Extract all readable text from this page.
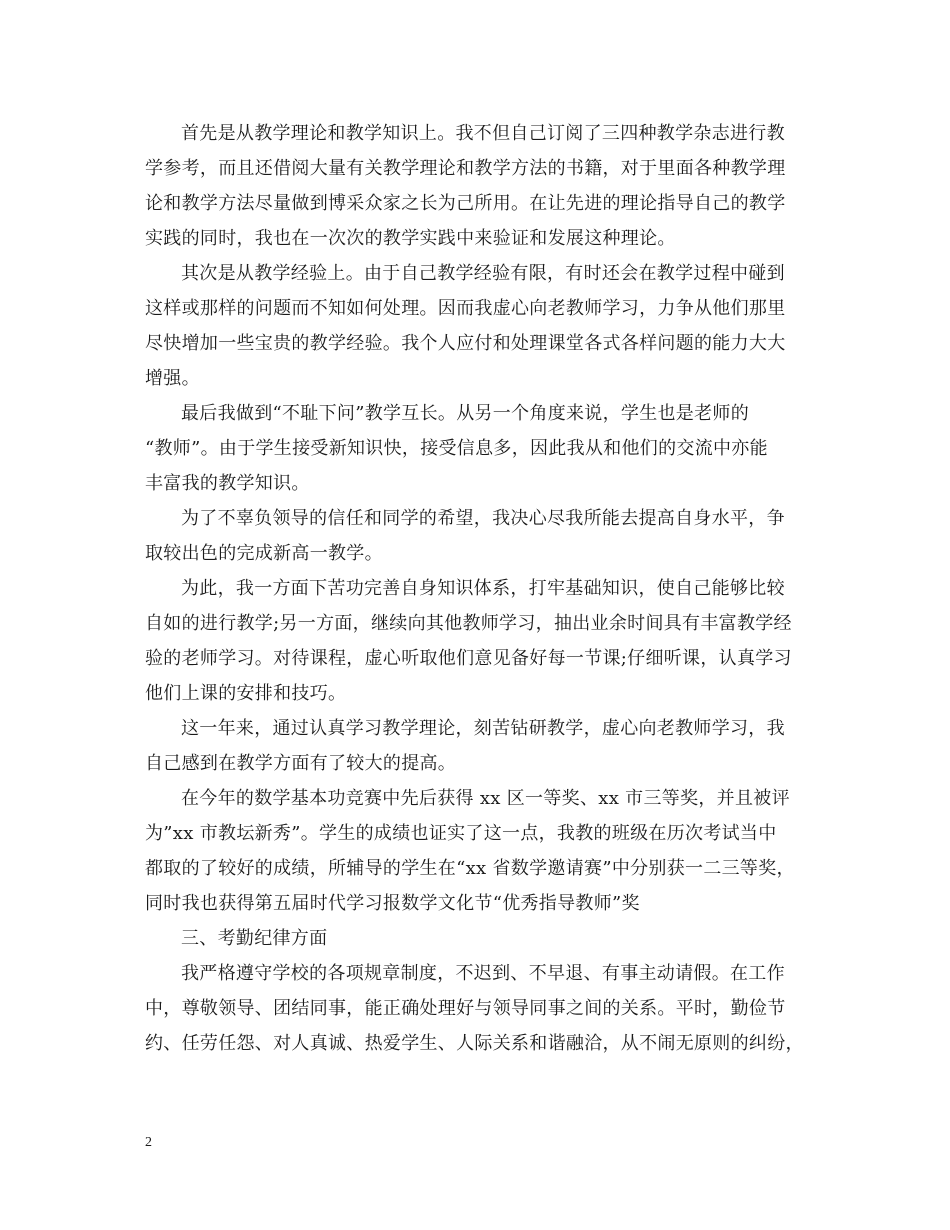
首先是从教学理论和教学知识上。我不但自己订阅了三四种教学杂志进行教
学参考，而且还借阅大量有关教学理论和教学方法的书籍，对于里面各种教学理
论和教学方法尽量做到博采众家之长为己所用。在让先进的理论指导自己的教学
实践的同时，我也在一次次的教学实践中来验证和发展这种理论。

其次是从教学经验上。由于自己教学经验有限，有时还会在教学过程中碰到
这样或那样的问题而不知如何处理。因而我虚心向老教师学习，力争从他们那里
尽快增加一些宝贵的教学经验。我个人应付和处理课堂各式各样问题的能力大大
增强。

最后我做到“不耻下问”教学互长。从另一个角度来说，学生也是老师的
“教师”。由于学生接受新知识快，接受信息多，因此我从和他们的交流中亦能
丰富我的教学知识。

为了不辜负领导的信任和同学的希望，我决心尽我所能去提高自身水平，争
取较出色的完成新高一教学。

为此，我一方面下苦功完善自身知识体系，打牢基础知识，使自己能够比较
自如的进行教学;另一方面，继续向其他教师学习，抽出业余时间具有丰富教学经
验的老师学习。对待课程，虚心听取他们意见备好每一节课;仔细听课，认真学习
他们上课的安排和技巧。

这一年来，通过认真学习教学理论，刻苦钻研教学，虚心向老教师学习，我
自己感到在教学方面有了较大的提高。

在今年的数学基本功竞赛中先后获得 xx 区一等奖、xx 市三等奖，并且被评
为”xx 市教坛新秀”。学生的成绩也证实了这一点，我教的班级在历次考试当中
都取的了较好的成绩，所辅导的学生在“xx 省数学邀请赛”中分别获一二三等奖，
同时我也获得第五届时代学习报数学文化节“优秀指导教师”奖

三、考勤纪律方面

我严格遵守学校的各项规章制度，不迟到、不早退、有事主动请假。在工作
中，尊敬领导、团结同事，能正确处理好与领导同事之间的关系。平时，勤俭节
约、任劳任怨、对人真诚、热爱学生、人际关系和谐融洽，从不闹无原则的纠纷，

2
